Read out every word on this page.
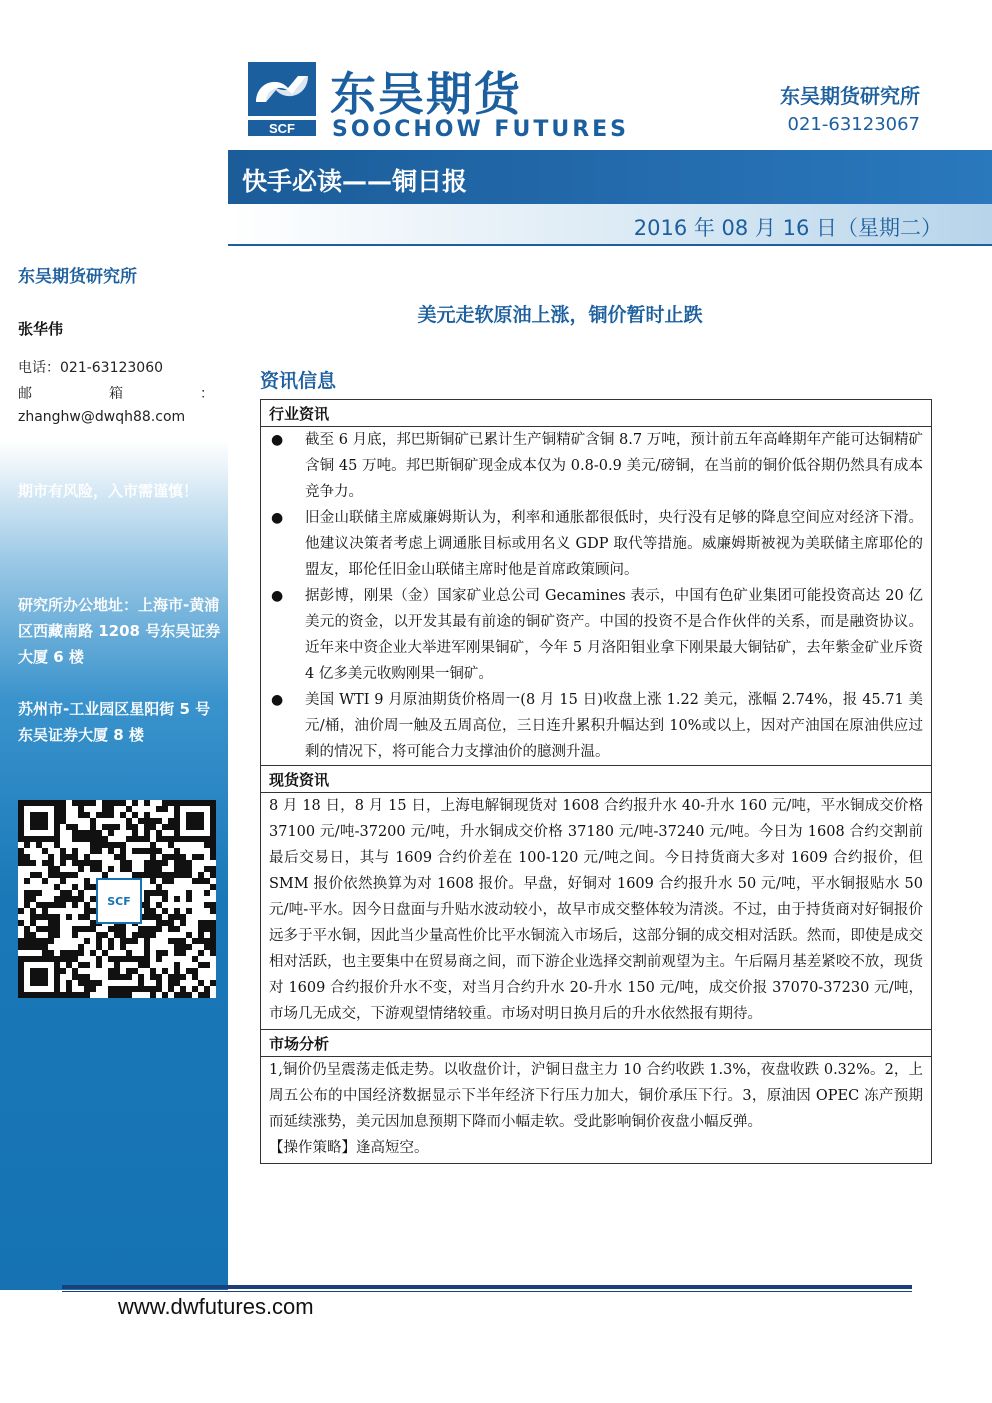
东吴期货研究所
张华伟
电话：021-63123060
邮	箱	：
zhanghw@dwqh88.com
期市有风险，入市需谨慎！
研究所办公地址：上海市-黄浦区西藏南路 1208 号东吴证券大厦 6 楼
苏州市-工业园区星阳街 5 号东吴证券大厦 8 楼
SCF
SCF
东吴期货
SOOCHOW FUTURES
东吴期货研究所
021-63123067
快手必读——铜日报
2016 年 08 月 16 日（星期二）
美元走软原油上涨，铜价暂时止跌
资讯信息
行业资讯
● 截至 6 月底，邦巴斯铜矿已累计生产铜精矿含铜 8.7 万吨，预计前五年高峰期年产能可达铜精矿含铜 45 万吨。邦巴斯铜矿现金成本仅为 0.8-0.9 美元/磅铜，在当前的铜价低谷期仍然具有成本竞争力。
● 旧金山联储主席威廉姆斯认为，利率和通胀都很低时，央行没有足够的降息空间应对经济下滑。他建议决策者考虑上调通胀目标或用名义 GDP 取代等措施。威廉姆斯被视为美联储主席耶伦的盟友，耶伦任旧金山联储主席时他是首席政策顾问。
● 据彭博，刚果（金）国家矿业总公司 Gecamines 表示，中国有色矿业集团可能投资高达 20 亿美元的资金，以开发其最有前途的铜矿资产。中国的投资不是合作伙伴的关系，而是融资协议。近年来中资企业大举进军刚果铜矿，今年 5 月洛阳钼业拿下刚果最大铜钴矿，去年紫金矿业斥资 4 亿多美元收购刚果一铜矿。
● 美国 WTI 9 月原油期货价格周一(8 月 15 日)收盘上涨 1.22 美元，涨幅 2.74%，报 45.71 美元/桶，油价周一触及五周高位，三日连升累积升幅达到 10%或以上，因对产油国在原油供应过剩的情况下，将可能合力支撑油价的臆测升温。
现货资讯
8 月 18 日，8 月 15 日，上海电解铜现货对 1608 合约报升水 40-升水 160 元/吨，平水铜成交价格 37100 元/吨-37200 元/吨，升水铜成交价格 37180 元/吨-37240 元/吨。今日为 1608 合约交割前最后交易日，其与 1609 合约价差在 100-120 元/吨之间。今日持货商大多对 1609 合约报价，但 SMM 报价依然换算为对 1608 报价。早盘，好铜对 1609 合约报升水 50 元/吨，平水铜报贴水 50 元/吨-平水。因今日盘面与升贴水波动较小，故早市成交整体较为清淡。不过，由于持货商对好铜报价远多于平水铜，因此当少量高性价比平水铜流入市场后，这部分铜的成交相对活跃。然而，即使是成交相对活跃，也主要集中在贸易商之间，而下游企业选择交割前观望为主。午后隔月基差紧咬不放，现货对 1609 合约报价升水不变，对当月合约升水 20-升水 150 元/吨，成交价报 37070-37230 元/吨，市场几无成交，下游观望情绪较重。市场对明日换月后的升水依然报有期待。
市场分析
1,铜价仍呈震荡走低走势。以收盘价计，沪铜日盘主力 10 合约收跌 1.3%，夜盘收跌 0.32%。2，上周五公布的中国经济数据显示下半年经济下行压力加大，铜价承压下行。3，原油因 OPEC 冻产预期而延续涨势，美元因加息预期下降而小幅走软。受此影响铜价夜盘小幅反弹。
【操作策略】逢高短空。
www.dwfutures.com
